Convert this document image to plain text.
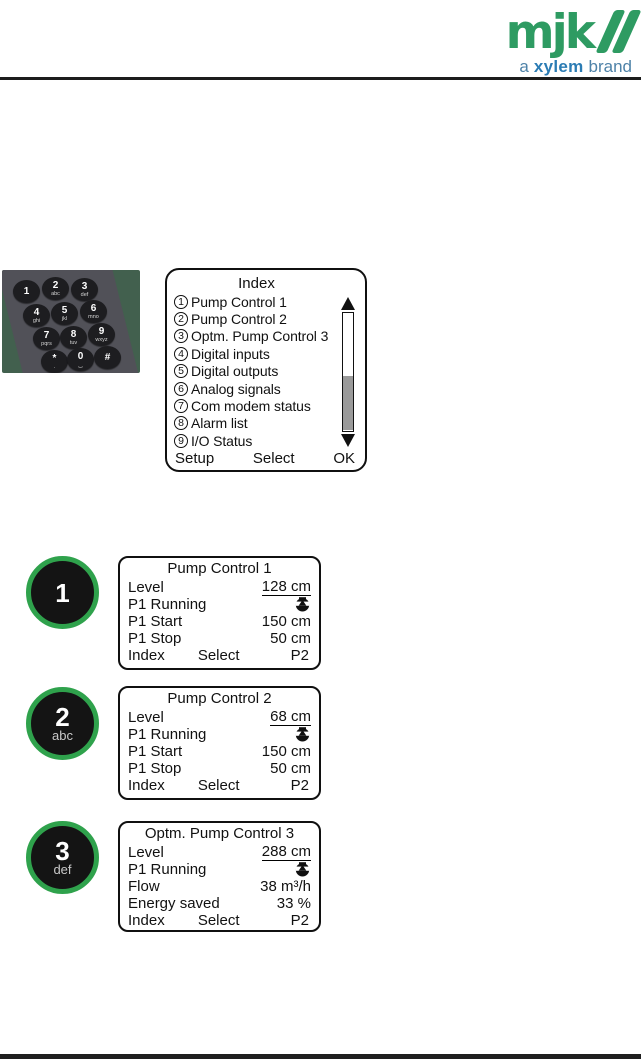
mjk
a xylem brand
1
2
abc
3
def
4
ghi
5
jkl
6
mno
7
pqrs
8
tuv
9
wxyz
*
.
0
‿
#
Index
1 Pump Control 1
2 Pump Control 2
3 Optm. Pump Control 3
4 Digital inputs
5 Digital outputs
6 Analog signals
7 Com modem status
8 Alarm list
9 I/O Status
Setup	Select	OK
1
Pump Control 1
Level	128 cm
P1 Running
P1 Start	150 cm
P1 Stop	50 cm
Index Select	P2
2
abc
Pump Control 2
Level	68 cm
P1 Running
P1 Start	150 cm
P1 Stop	50 cm
Index Select	P2
3
def
Optm. Pump Control 3
Level	288 cm
P1 Running
Flow	38 m³/h
Energy saved	33 %
Index Select	P2
